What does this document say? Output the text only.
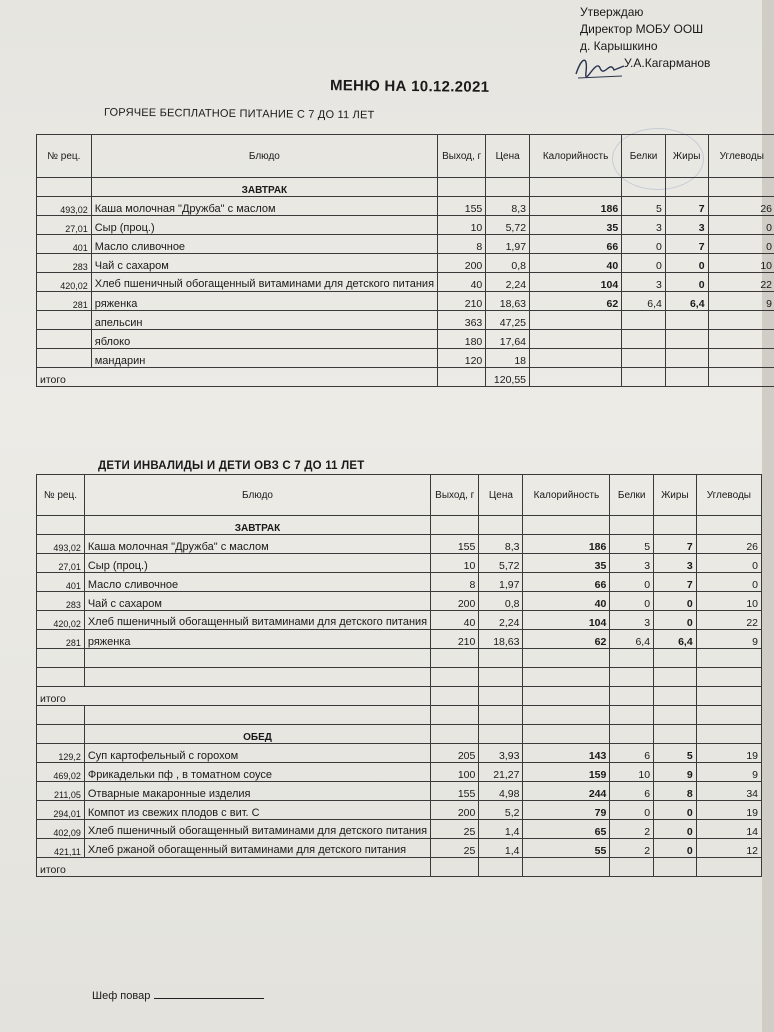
Утверждаю
Директор МОБУ ООШ
д. Карышкино
У.А.Кагарманов
МЕНЮ НА 10.12.2021
ГОРЯЧЕЕ БЕСПЛАТНОЕ ПИТАНИЕ С 7 ДО 11 ЛЕТ
№ рец.	Блюдо	Выход, г	Цена	Калорийность	Белки	Жиры	Углеводы
	ЗАВТРАК						
493,02	Каша молочная "Дружба" с маслом	155	8,3	186	5	7	26
27,01	Сыр (проц.)	10	5,72	35	3	3	0
401	Масло сливочное	8	1,97	66	0	7	0
283	Чай с сахаром	200	0,8	40	0	0	10
420,02	Хлеб пшеничный обогащенный витаминами для детского питания	40	2,24	104	3	0	22
281	ряженка	210	18,63	62	6,4	6,4	9
	апельсин	363	47,25				
	яблоко	180	17,64				
	мандарин	120	18				
итого			120,55				
ДЕТИ ИНВАЛИДЫ И ДЕТИ ОВЗ С 7 ДО 11 ЛЕТ
№ рец.	Блюдо	Выход, г	Цена	Калорийность	Белки	Жиры	Углеводы
	ЗАВТРАК						
493,02	Каша молочная "Дружба" с маслом	155	8,3	186	5	7	26
27,01	Сыр (проц.)	10	5,72	35	3	3	0
401	Масло сливочное	8	1,97	66	0	7	0
283	Чай с сахаром	200	0,8	40	0	0	10
420,02	Хлеб пшеничный обогащенный витаминами для детского питания	40	2,24	104	3	0	22
281	ряженка	210	18,63	62	6,4	6,4	9

итого							

	ОБЕД						
129,2	Суп картофельный с горохом	205	3,93	143	6	5	19
469,02	Фрикадельки пф , в томатном соусе	100	21,27	159	10	9	9
211,05	Отварные макаронные изделия	155	4,98	244	6	8	34
294,01	Компот из свежих плодов с вит. С	200	5,2	79	0	0	19
402,09	Хлеб пшеничный обогащенный витаминами для детского питания	25	1,4	65	2	0	14
421,11	Хлеб ржаной обогащенный витаминами для детского питания	25	1,4	55	2	0	12
итого							
Шеф повар
